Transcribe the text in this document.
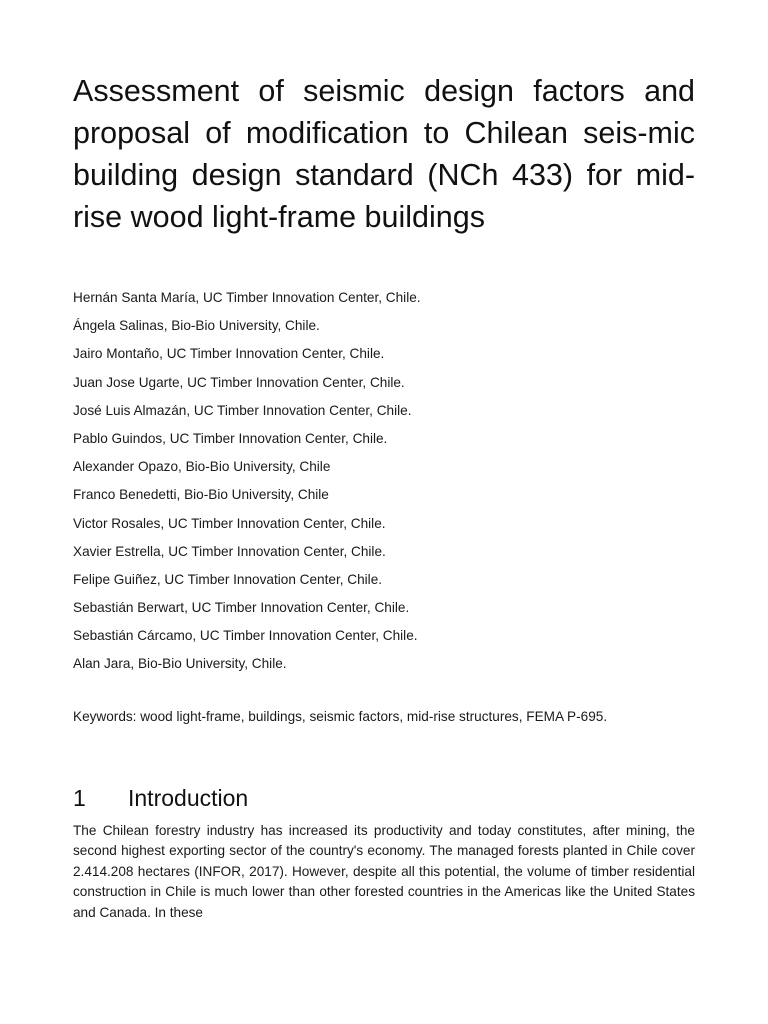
Assessment of seismic design factors and proposal of modification to Chilean seis-mic building design standard (NCh 433) for mid-rise wood light-frame buildings
Hernán Santa María, UC Timber Innovation Center, Chile.
Ángela Salinas, Bio-Bio University, Chile.
Jairo Montaño, UC Timber Innovation Center, Chile.
Juan Jose Ugarte, UC Timber Innovation Center, Chile.
José Luis Almazán, UC Timber Innovation Center, Chile.
Pablo Guindos, UC Timber Innovation Center, Chile.
Alexander Opazo, Bio-Bio University, Chile
Franco Benedetti, Bio-Bio University, Chile
Victor Rosales, UC Timber Innovation Center, Chile.
Xavier Estrella, UC Timber Innovation Center, Chile.
Felipe Guiñez, UC Timber Innovation Center, Chile.
Sebastián Berwart, UC Timber Innovation Center, Chile.
Sebastián Cárcamo, UC Timber Innovation Center, Chile.
Alan Jara, Bio-Bio University, Chile.

Keywords: wood light-frame, buildings, seismic factors, mid-rise structures, FEMA P-695.

1	Introduction

The Chilean forestry industry has increased its productivity and today constitutes, after mining, the second highest exporting sector of the country's economy. The managed forests planted in Chile cover 2.414.208 hectares (INFOR, 2017). However, despite all this potential, the volume of timber residential construction in Chile is much lower than other forested countries in the Americas like the United States and Canada. In these
